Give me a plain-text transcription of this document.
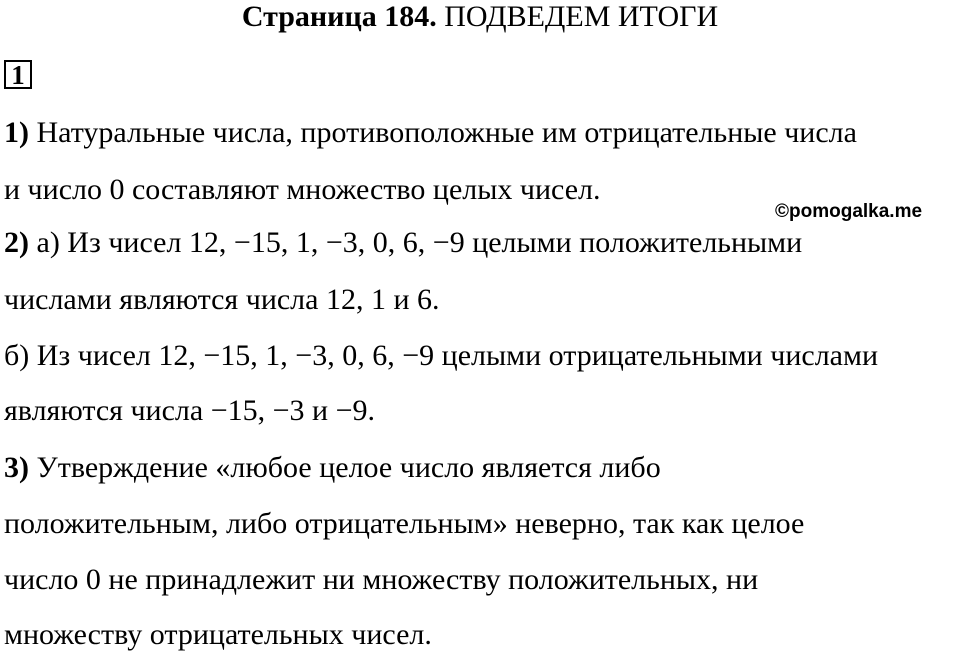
Страница 184. ПОДВЕДЕМ ИТОГИ
1
1) Натуральные числа, противоположные им отрицательные числа
и число 0 составляют множество целых чисел.
©pomogalka.me
2) а) Из чисел 12, −15, 1, −3, 0, 6, −9 целыми положительными
числами являются числа 12, 1 и 6.
б) Из чисел 12, −15, 1, −3, 0, 6, −9 целыми отрицательными числами
являются числа −15, −3 и −9.
3) Утверждение «любое целое число является либо
положительным, либо отрицательным» неверно, так как целое
число 0 не принадлежит ни множеству положительных, ни
множеству отрицательных чисел.
